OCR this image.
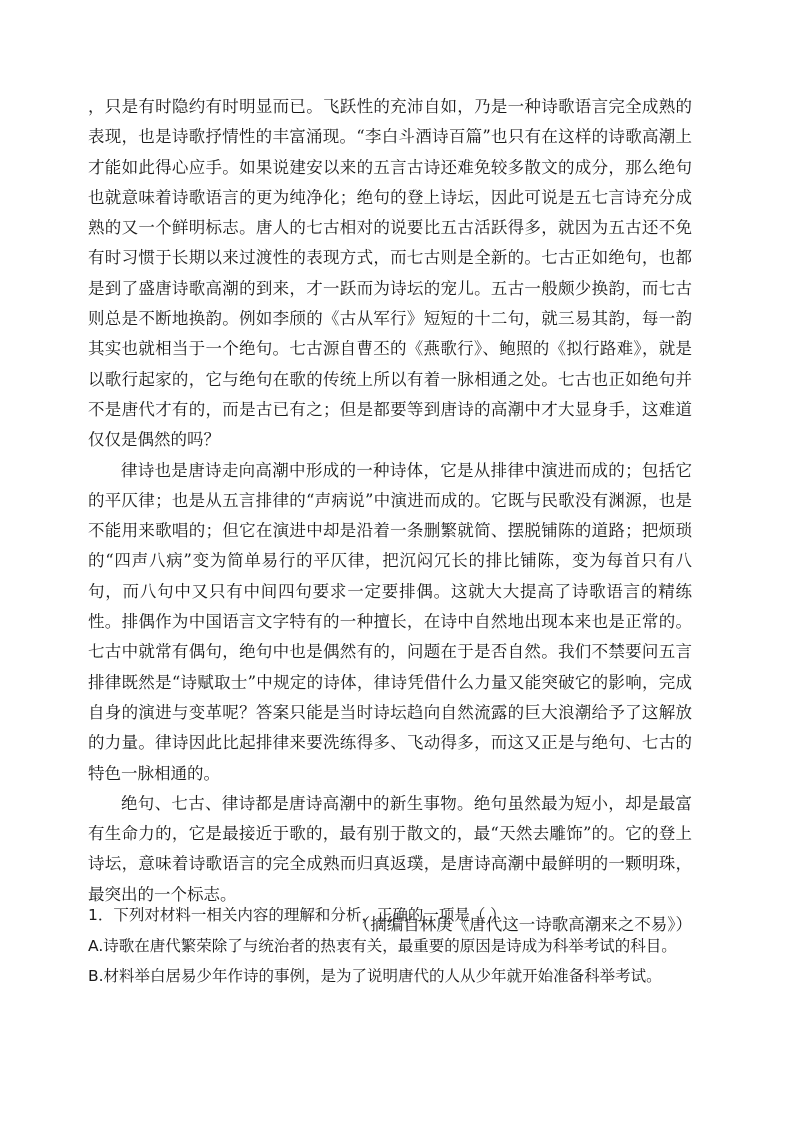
，只是有时隐约有时明显而已。飞跃性的充沛自如，乃是一种诗歌语言完全成熟的表现，也是诗歌抒情性的丰富涌现。“李白斗酒诗百篇”也只有在这样的诗歌高潮上才能如此得心应手。如果说建安以来的五言古诗还难免较多散文的成分，那么绝句也就意味着诗歌语言的更为纯净化；绝句的登上诗坛，因此可说是五七言诗充分成熟的又一个鲜明标志。唐人的七古相对的说要比五古活跃得多，就因为五古还不免有时习惯于长期以来过渡性的表现方式，而七古则是全新的。七古正如绝句，也都是到了盛唐诗歌高潮的到来，才一跃而为诗坛的宠儿。五古一般颇少换韵，而七古则总是不断地换韵。例如李颀的《古从军行》短短的十二句，就三易其韵，每一韵其实也就相当于一个绝句。七古源自曹丕的《燕歌行》、鲍照的《拟行路难》，就是以歌行起家的，它与绝句在歌的传统上所以有着一脉相通之处。七古也正如绝句并不是唐代才有的，而是古已有之；但是都要等到唐诗的高潮中才大显身手，这难道仅仅是偶然的吗？

律诗也是唐诗走向高潮中形成的一种诗体，它是从排律中演进而成的；包括它的平仄律；也是从五言排律的“声病说”中演进而成的。它既与民歌没有渊源，也是不能用来歌唱的；但它在演进中却是沿着一条删繁就简、摆脱铺陈的道路；把烦琐的“四声八病”变为简单易行的平仄律，把沉闷冗长的排比铺陈，变为每首只有八句，而八句中又只有中间四句要求一定要排偶。这就大大提高了诗歌语言的精练性。排偶作为中国语言文字特有的一种擅长，在诗中自然地出现本来也是正常的。七古中就常有偶句，绝句中也是偶然有的，问题在于是否自然。我们不禁要问五言排律既然是“诗赋取士”中规定的诗体，律诗凭借什么力量又能突破它的影响，完成自身的演进与变革呢？答案只能是当时诗坛趋向自然流露的巨大浪潮给予了这解放的力量。律诗因此比起排律来要洗练得多、飞动得多，而这又正是与绝句、七古的特色一脉相通的。

绝句、七古、律诗都是唐诗高潮中的新生事物。绝句虽然最为短小，却是最富有生命力的，它是最接近于歌的，最有别于散文的，最“天然去雕饰”的。它的登上诗坛，意味着诗歌语言的完全成熟而归真返璞，是唐诗高潮中最鲜明的一颗明珠，最突出的一个标志。

（摘编自林庚《唐代这一诗歌高潮来之不易》）

1．下列对材料一相关内容的理解和分析，正确的一项是（ ）

A.诗歌在唐代繁荣除了与统治者的热衷有关，最重要的原因是诗成为科举考试的科目。

B.材料举白居易少年作诗的事例，是为了说明唐代的人从少年就开始准备科举考试。
